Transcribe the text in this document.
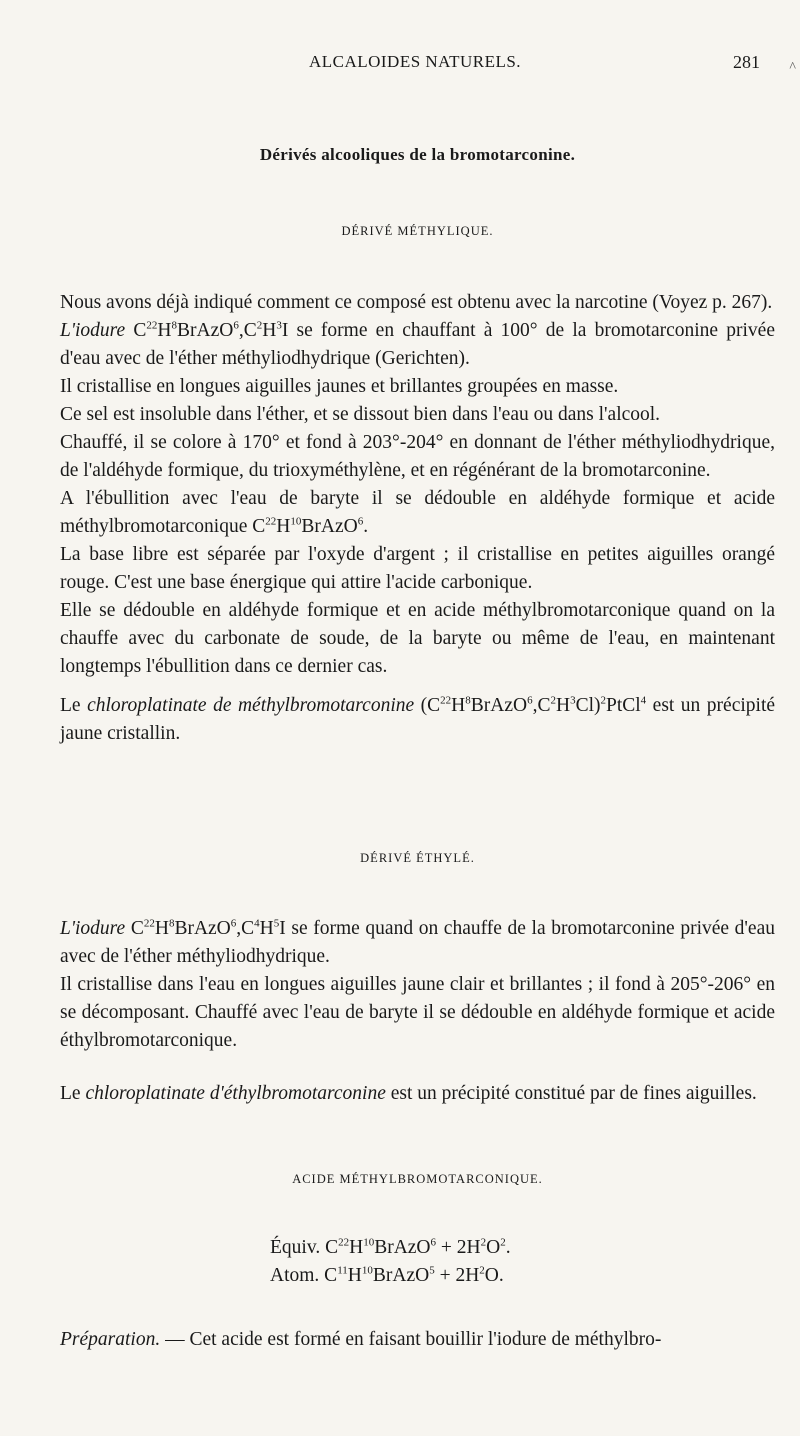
ALCALOIDES NATURELS.	281 ^
Dérivés alcooliques de la bromotarconine.
DÉRIVÉ MÉTHYLIQUE.

Nous avons déjà indiqué comment ce composé est obtenu avec la narcotine (Voyez p. 267).

L'iodure $C^{22}H^8BrAzO^6,C^2H^3I$ se forme en chauffant à 100° de la bromotarconine privée d'eau avec de l'éther méthyliodhydrique (Gerichten).

Il cristallise en longues aiguilles jaunes et brillantes groupées en masse.

Ce sel est insoluble dans l'éther, et se dissout bien dans l'eau ou dans l'alcool.

Chauffé, il se colore à 170° et fond à 203°-204° en donnant de l'éther méthyliodhydrique, de l'aldéhyde formique, du trioxyméthylène, et en régénérant de la bromotarconine.

A l'ébullition avec l'eau de baryte il se dédouble en aldéhyde formique et acide méthylbromotarconique $C^{22}H^{10}BrAzO^6$.

La base libre est séparée par l'oxyde d'argent ; il cristallise en petites aiguilles orangé rouge. C'est une base énergique qui attire l'acide carbonique.

Elle se dédouble en aldéhyde formique et en acide méthylbromotarconique quand on la chauffe avec du carbonate de soude, de la baryte ou même de l'eau, en maintenant longtemps l'ébullition dans ce dernier cas.

Le chloroplatinate de méthylbromotarconine $(C^{22}H^8BrAzO^6,C^2H^3Cl)^2PtCl^4$ est un précipité jaune cristallin.

DÉRIVÉ ÉTHYLÉ.

L'iodure $C^{22}H^8BrAzO^6,C^4H^5I$ se forme quand on chauffe de la bromotarconine privée d'eau avec de l'éther méthyliodhydrique.

Il cristallise dans l'eau en longues aiguilles jaune clair et brillantes ; il fond à 205°-206° en se décomposant. Chauffé avec l'eau de baryte il se dédouble en aldéhyde formique et acide éthylbromotarconique.

Le chloroplatinate d'éthylbromotarconine est un précipité constitué par de fines aiguilles.

ACIDE MÉTHYLBROMOTARCONIQUE.
Équiv. $C^{22}H^{10}BrAzO^6 + 2H^2O^2$.
Atom. $C^{11}H^{10}BrAzO^5 + 2H^2O$.

Préparation. — Cet acide est formé en faisant bouillir l'iodure de méthylbro-
